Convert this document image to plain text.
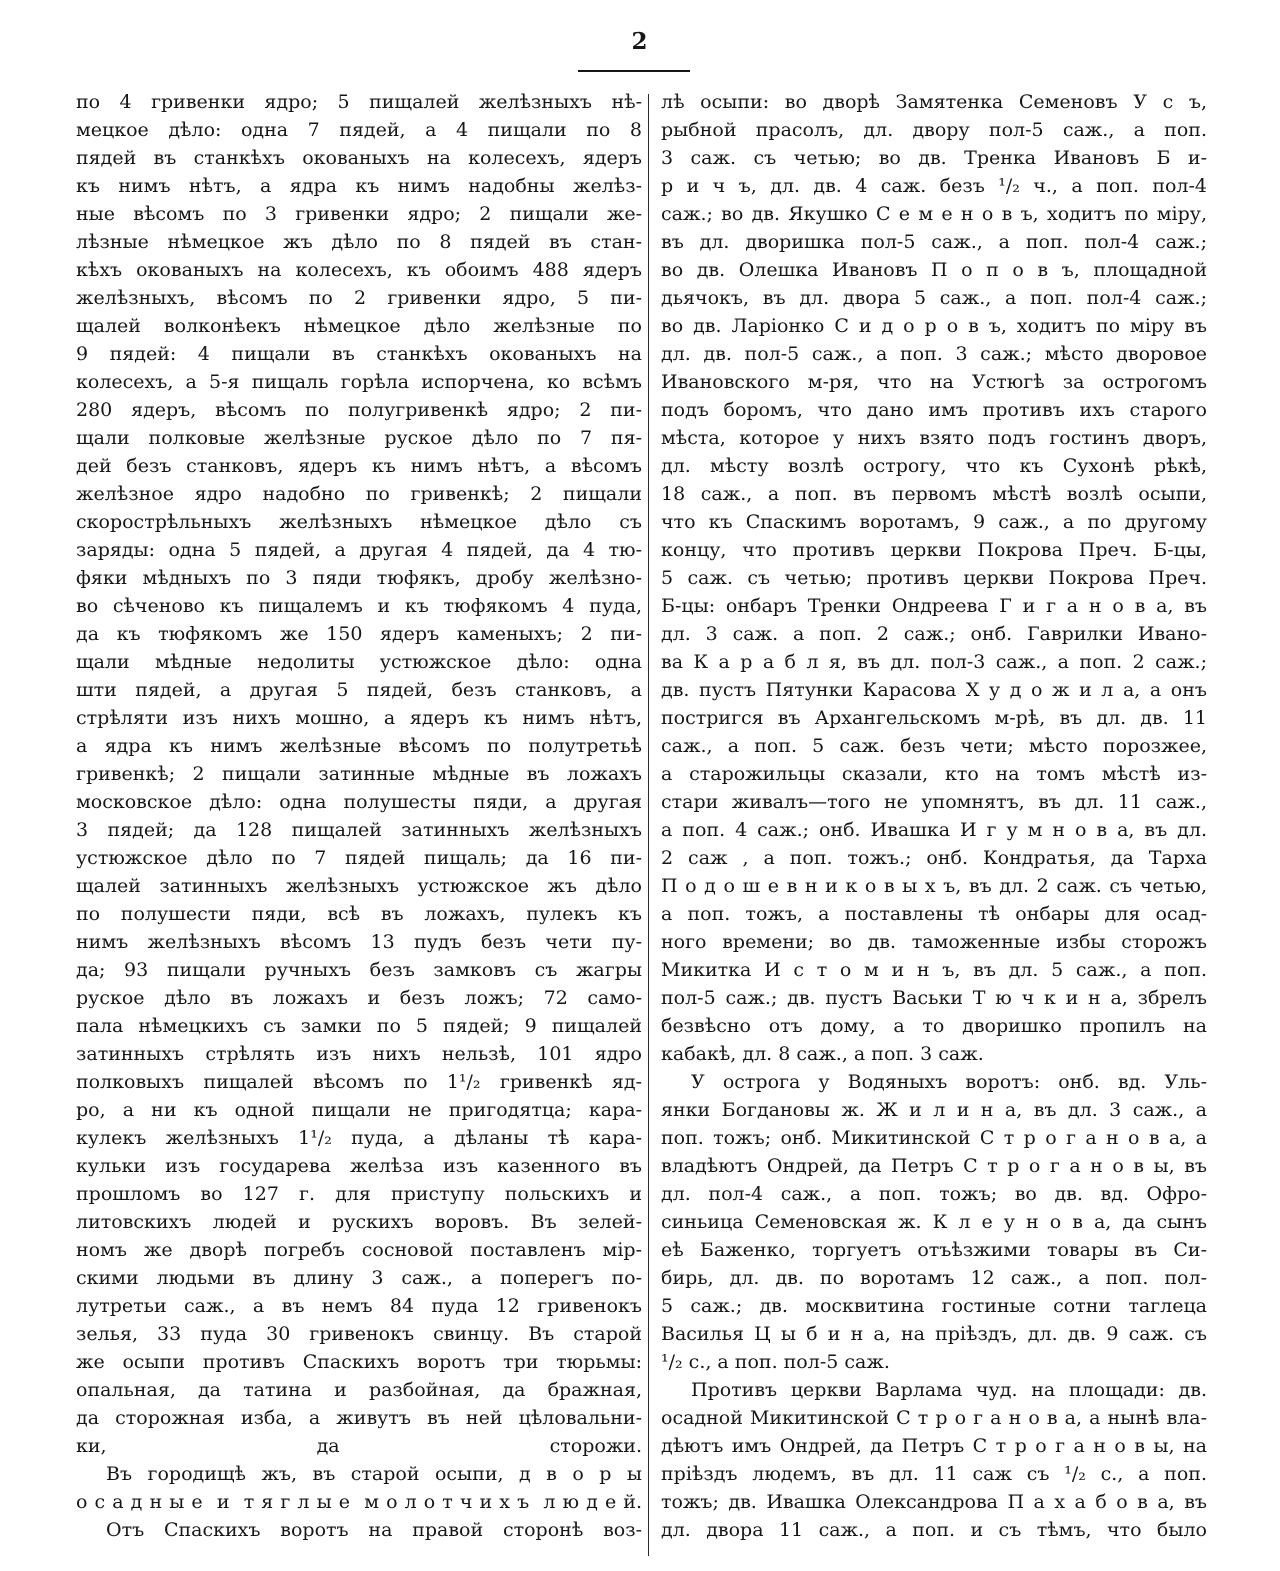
2
по 4 гривенки ядро; 5 пищалей желѣзныхъ нѣ-
мецкое дѣло: одна 7 пядей, а 4 пищали по 8
пядей въ станкѣхъ окованыхъ на колесехъ, ядеръ
къ нимъ нѣтъ, а ядра къ нимъ надобны желѣз-
ные вѣсомъ по 3 гривенки ядро; 2 пищали же-
лѣзные нѣмецкое жъ дѣло по 8 пядей въ стан-
кѣхъ окованыхъ на колесехъ, къ обоимъ 488 ядеръ
желѣзныхъ, вѣсомъ по 2 гривенки ядро, 5 пи-
щалей волконѣекъ нѣмецкое дѣло желѣзные по
9 пядей: 4 пищали въ станкѣхъ окованыхъ на
колесехъ, а 5-я пищаль горѣла испорчена, ко всѣмъ
280 ядеръ, вѣсомъ по полугривенкѣ ядро; 2 пи-
щали полковые желѣзные руское дѣло по 7 пя-
дей безъ станковъ, ядеръ къ нимъ нѣтъ, а вѣсомъ
желѣзное ядро надобно по гривенкѣ; 2 пищали
скорострѣльныхъ желѣзныхъ нѣмецкое дѣло съ
заряды: одна 5 пядей, а другая 4 пядей, да 4 тю-
фяки мѣдныхъ по 3 пяди тюфякъ, дробу желѣзно-
во сѣченово къ пищалемъ и къ тюфякомъ 4 пуда,
да къ тюфякомъ же 150 ядеръ каменыхъ; 2 пи-
щали мѣдные недолиты устюжское дѣло: одна
шти пядей, а другая 5 пядей, безъ станковъ, а
стрѣляти изъ нихъ мошно, а ядеръ къ нимъ нѣтъ,
а ядра къ нимъ желѣзные вѣсомъ по полутретьѣ
гривенкѣ; 2 пищали затинные мѣдные въ ложахъ
московское дѣло: одна полушесты пяди, а другая
3 пядей; да 128 пищалей затинныхъ желѣзныхъ
устюжское дѣло по 7 пядей пищаль; да 16 пи-
щалей затинныхъ желѣзныхъ устюжское жъ дѣло
по полушести пяди, всѣ въ ложахъ, пулекъ къ
нимъ желѣзныхъ вѣсомъ 13 пудъ безъ чети пу-
да; 93 пищали ручныхъ безъ замковъ съ жагры
руское дѣло въ ложахъ и безъ ложъ; 72 само-
пала нѣмецкихъ съ замки по 5 пядей; 9 пищалей
затинныхъ стрѣлять изъ нихъ нельзѣ, 101 ядро
полковыхъ пищалей вѣсомъ по 1¹/₂ гривенкѣ яд-
ро, а ни къ одной пищали не пригодятца; кара-
кулекъ желѣзныхъ 1¹/₂ пуда, а дѣланы тѣ кара-
кульки изъ государева желѣза изъ казенного въ
прошломъ во 127 г. для приступу польскихъ и
литовскихъ людей и рускихъ воровъ. Въ зелей-
номъ же дворѣ погребъ сосновой поставленъ мір-
скими людьми въ длину 3 саж., а поперегъ по-
лутретьи саж., а въ немъ 84 пуда 12 гривенокъ
зелья, 33 пуда 30 гривенокъ свинцу. Въ старой
же осыпи противъ Спаскихъ воротъ три тюрьмы:
опальная, да татина и разбойная, да бражная,
да сторожная изба, а живутъ въ ней цѣловальни-
ки, да сторожи.
Въ городищѣ жъ, въ старой осыпи, д в о р ы
о с а д н ы е  и  т я г л ы е  м о л о т ч и х ъ  л ю д е й.
Отъ Спаскихъ воротъ на правой сторонѣ воз-
лѣ осыпи: во дворѣ Замятенка Семеновъ У с ъ,
рыбной прасолъ, дл. двору пол-5 саж., а поп.
3 саж. съ четью; во дв. Тренка Ивановъ Б и-
р и ч ъ, дл. дв. 4 саж. безъ ¹/₂ ч., а поп. пол-4
саж.; во дв. Якушко С е м е н о в ъ, ходитъ по міру,
въ дл. дворишка пол-5 саж., а поп. пол-4 саж.;
во дв. Олешка Ивановъ П о п о в ъ, площадной
дьячокъ, въ дл. двора 5 саж., а поп. пол-4 саж.;
во дв. Ларіонко С и д о р о в ъ, ходитъ по міру въ
дл. дв. пол-5 саж., а поп. 3 саж.; мѣсто дворовое
Ивановского м-ря, что на Устюгѣ за острогомъ
подъ боромъ, что дано имъ противъ ихъ старого
мѣста, которое у нихъ взято подъ гостинъ дворъ,
дл. мѣсту возлѣ острогу, что къ Сухонѣ рѣкѣ,
18 саж., а поп. въ первомъ мѣстѣ возлѣ осыпи,
что къ Спаскимъ воротамъ, 9 саж., а по другому
концу, что противъ церкви Покрова Преч. Б-цы,
5 саж. съ четью; противъ церкви Покрова Преч.
Б-цы: онбаръ Тренки Ондреева Г и г а н о в а, въ
дл. 3 саж. а поп. 2 саж.; онб. Гаврилки Ивано-
ва К а р а б л я, въ дл. пол-3 саж., а поп. 2 саж.;
дв. пустъ Пятунки Карасова Х у д о ж и л а, а онъ
постригся въ Архангельскомъ м-рѣ, въ дл. дв. 11
саж., а поп. 5 саж. безъ чети; мѣсто порозжее,
а старожильцы сказали, кто на томъ мѣстѣ из-
стари живалъ—того не упомнятъ, въ дл. 11 саж.,
а поп. 4 саж.; онб. Ивашка И г у м н о в а, въ дл.
2 саж , а поп. тожъ.; онб. Кондратья, да Тарха
П о д о ш е в н и к о в ы х ъ, въ дл. 2 саж. съ четью,
а поп. тожъ, а поставлены тѣ онбары для осад-
ного времени; во дв. таможенные избы сторожъ
Микитка И с т о м и н ъ, въ дл. 5 саж., а поп.
пол-5 саж.; дв. пустъ Васьки Т ю ч к и н а, збрелъ
безвѣсно отъ дому, а то дворишко пропилъ на
кабакѣ, дл. 8 саж., а поп. 3 саж.
У острога у Водяныхъ воротъ: онб. вд. Уль-
янки Богдановы ж. Ж и л и н а, въ дл. 3 саж., а
поп. тожъ; онб. Микитинской С т р о г а н о в а, а
владѣютъ Ондрей, да Петръ С т р о г а н о в ы, въ
дл. пол-4 саж., а поп. тожъ; во дв. вд. Офро-
синьица Семеновская ж. К л е у н о в а, да сынъ
еѣ Баженко, торгуетъ отъѣзжими товары въ Си-
бирь, дл. дв. по воротамъ 12 саж., а поп. пол-
5 саж.; дв. москвитина гостиные сотни таглеца
Василья Ц ы б и н а, на пріѣздъ, дл. дв. 9 саж. съ
¹/₂ с., а поп. пол-5 саж.
Противъ церкви Варлама чуд. на площади: дв.
осадной Микитинской С т р о г а н о в а, а нынѣ вла-
дѣютъ имъ Ондрей, да Петръ С т р о г а н о в ы, на
пріѣздъ людемъ, въ дл. 11 саж съ ¹/₂ с., а поп.
тожъ; дв. Ивашка Олександрова П а х а б о в а, въ
дл. двора 11 саж., а поп. и съ тѣмъ, что было
